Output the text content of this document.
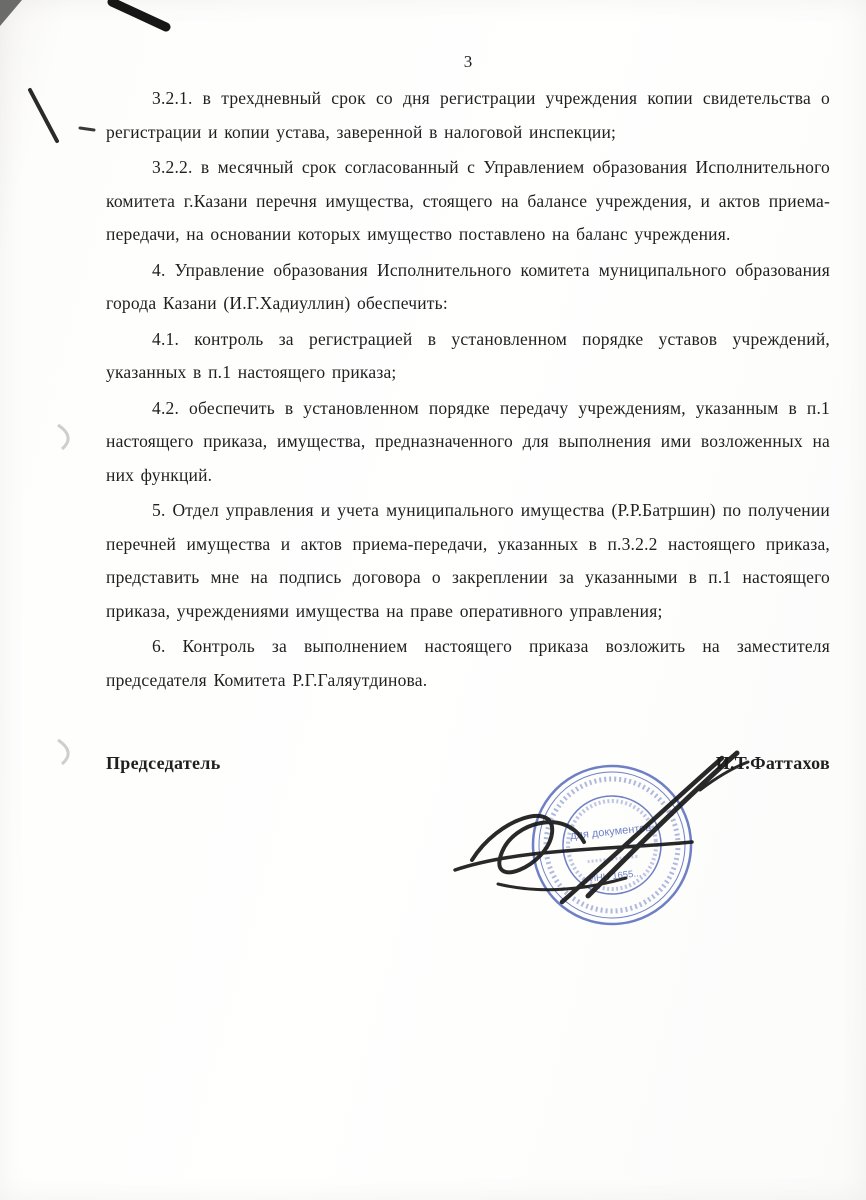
3

3.2.1. в трехдневный срок со дня регистрации учреждения копии свидетельства о регистрации и копии устава, заверенной в налоговой инспекции;

3.2.2. в месячный срок согласованный с Управлением образования Исполнительного комитета г.Казани перечня имущества, стоящего на балансе учреждения, и актов приема-передачи, на основании которых имущество поставлено на баланс учреждения.

4. Управление образования Исполнительного комитета муниципального образования города Казани (И.Г.Хадиуллин) обеспечить:

4.1. контроль за регистрацией в установленном порядке уставов учреждений, указанных в п.1 настоящего приказа;

4.2. обеспечить в установленном порядке передачу учреждениям, указанным в п.1 настоящего приказа, имущества, предназначенного для выполнения ими возложенных на них функций.

5. Отдел управления и учета муниципального имущества (Р.Р.Батршин) по получении перечней имущества и актов приема-передачи, указанных в п.3.2.2 настоящего приказа, представить мне на подпись договора о закреплении за указанными в п.1 настоящего приказа, учреждениями имущества на праве оперативного управления;

6. Контроль за выполнением настоящего приказа возложить на заместителя председателя Комитета Р.Г.Галяутдинова.

Председатель	И.Т.Фаттахов
для документов
ИНН 1655...
